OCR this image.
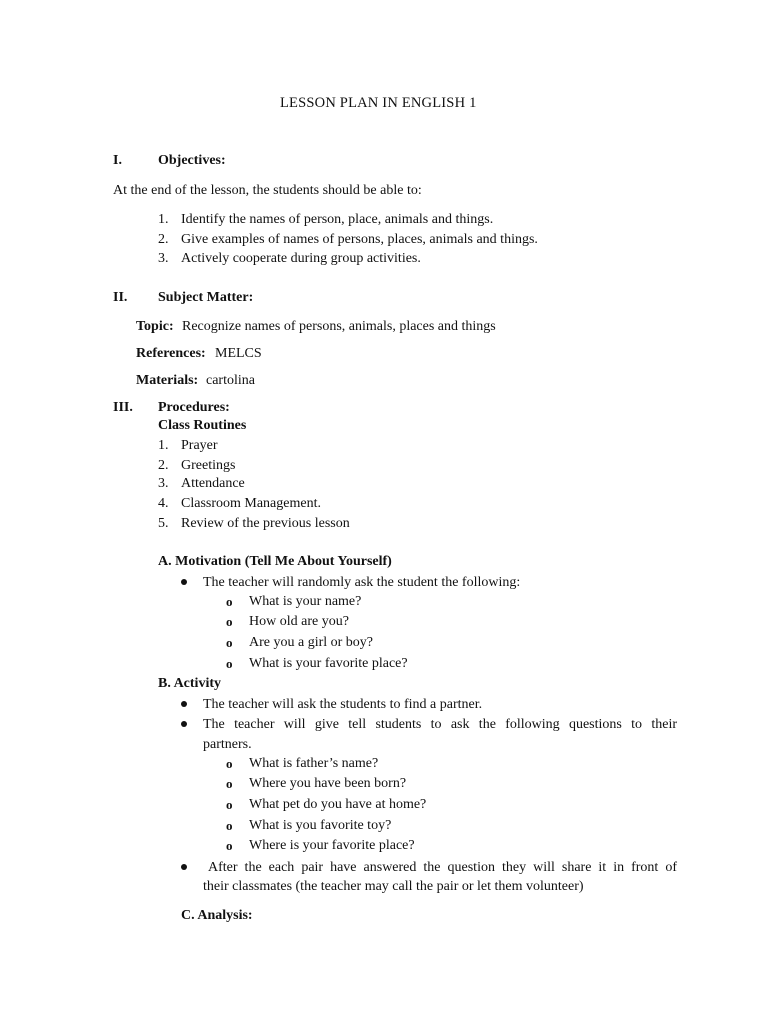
LESSON PLAN IN ENGLISH 1
I.	Objectives:
At the end of the lesson, the students should be able to:
1. Identify the names of person, place, animals and things.
2. Give examples of names of persons, places, animals and things.
3. Actively cooperate during group activities.
II. Subject Matter:
Topic: Recognize names of persons, animals, places and things
References: MELCS
Materials: cartolina
III. Procedures:
Class Routines
1. Prayer
2. Greetings
3. Attendance
4. Classroom Management.
5. Review of the previous lesson
A. Motivation (Tell Me About Yourself)
The teacher will randomly ask the student the following:
o What is your name?
o How old are you?
o Are you a girl or boy?
o What is your favorite place?
B. Activity
The teacher will ask the students to find a partner.
The teacher will give tell students to ask the following questions to their
partners.
o What is father’s name?
o Where you have been born?
o What pet do you have at home?
o What is you favorite toy?
o Where is your favorite place?
After the each pair have answered the question they will share it in front of
their classmates (the teacher may call the pair or let them volunteer)
C. Analysis:
